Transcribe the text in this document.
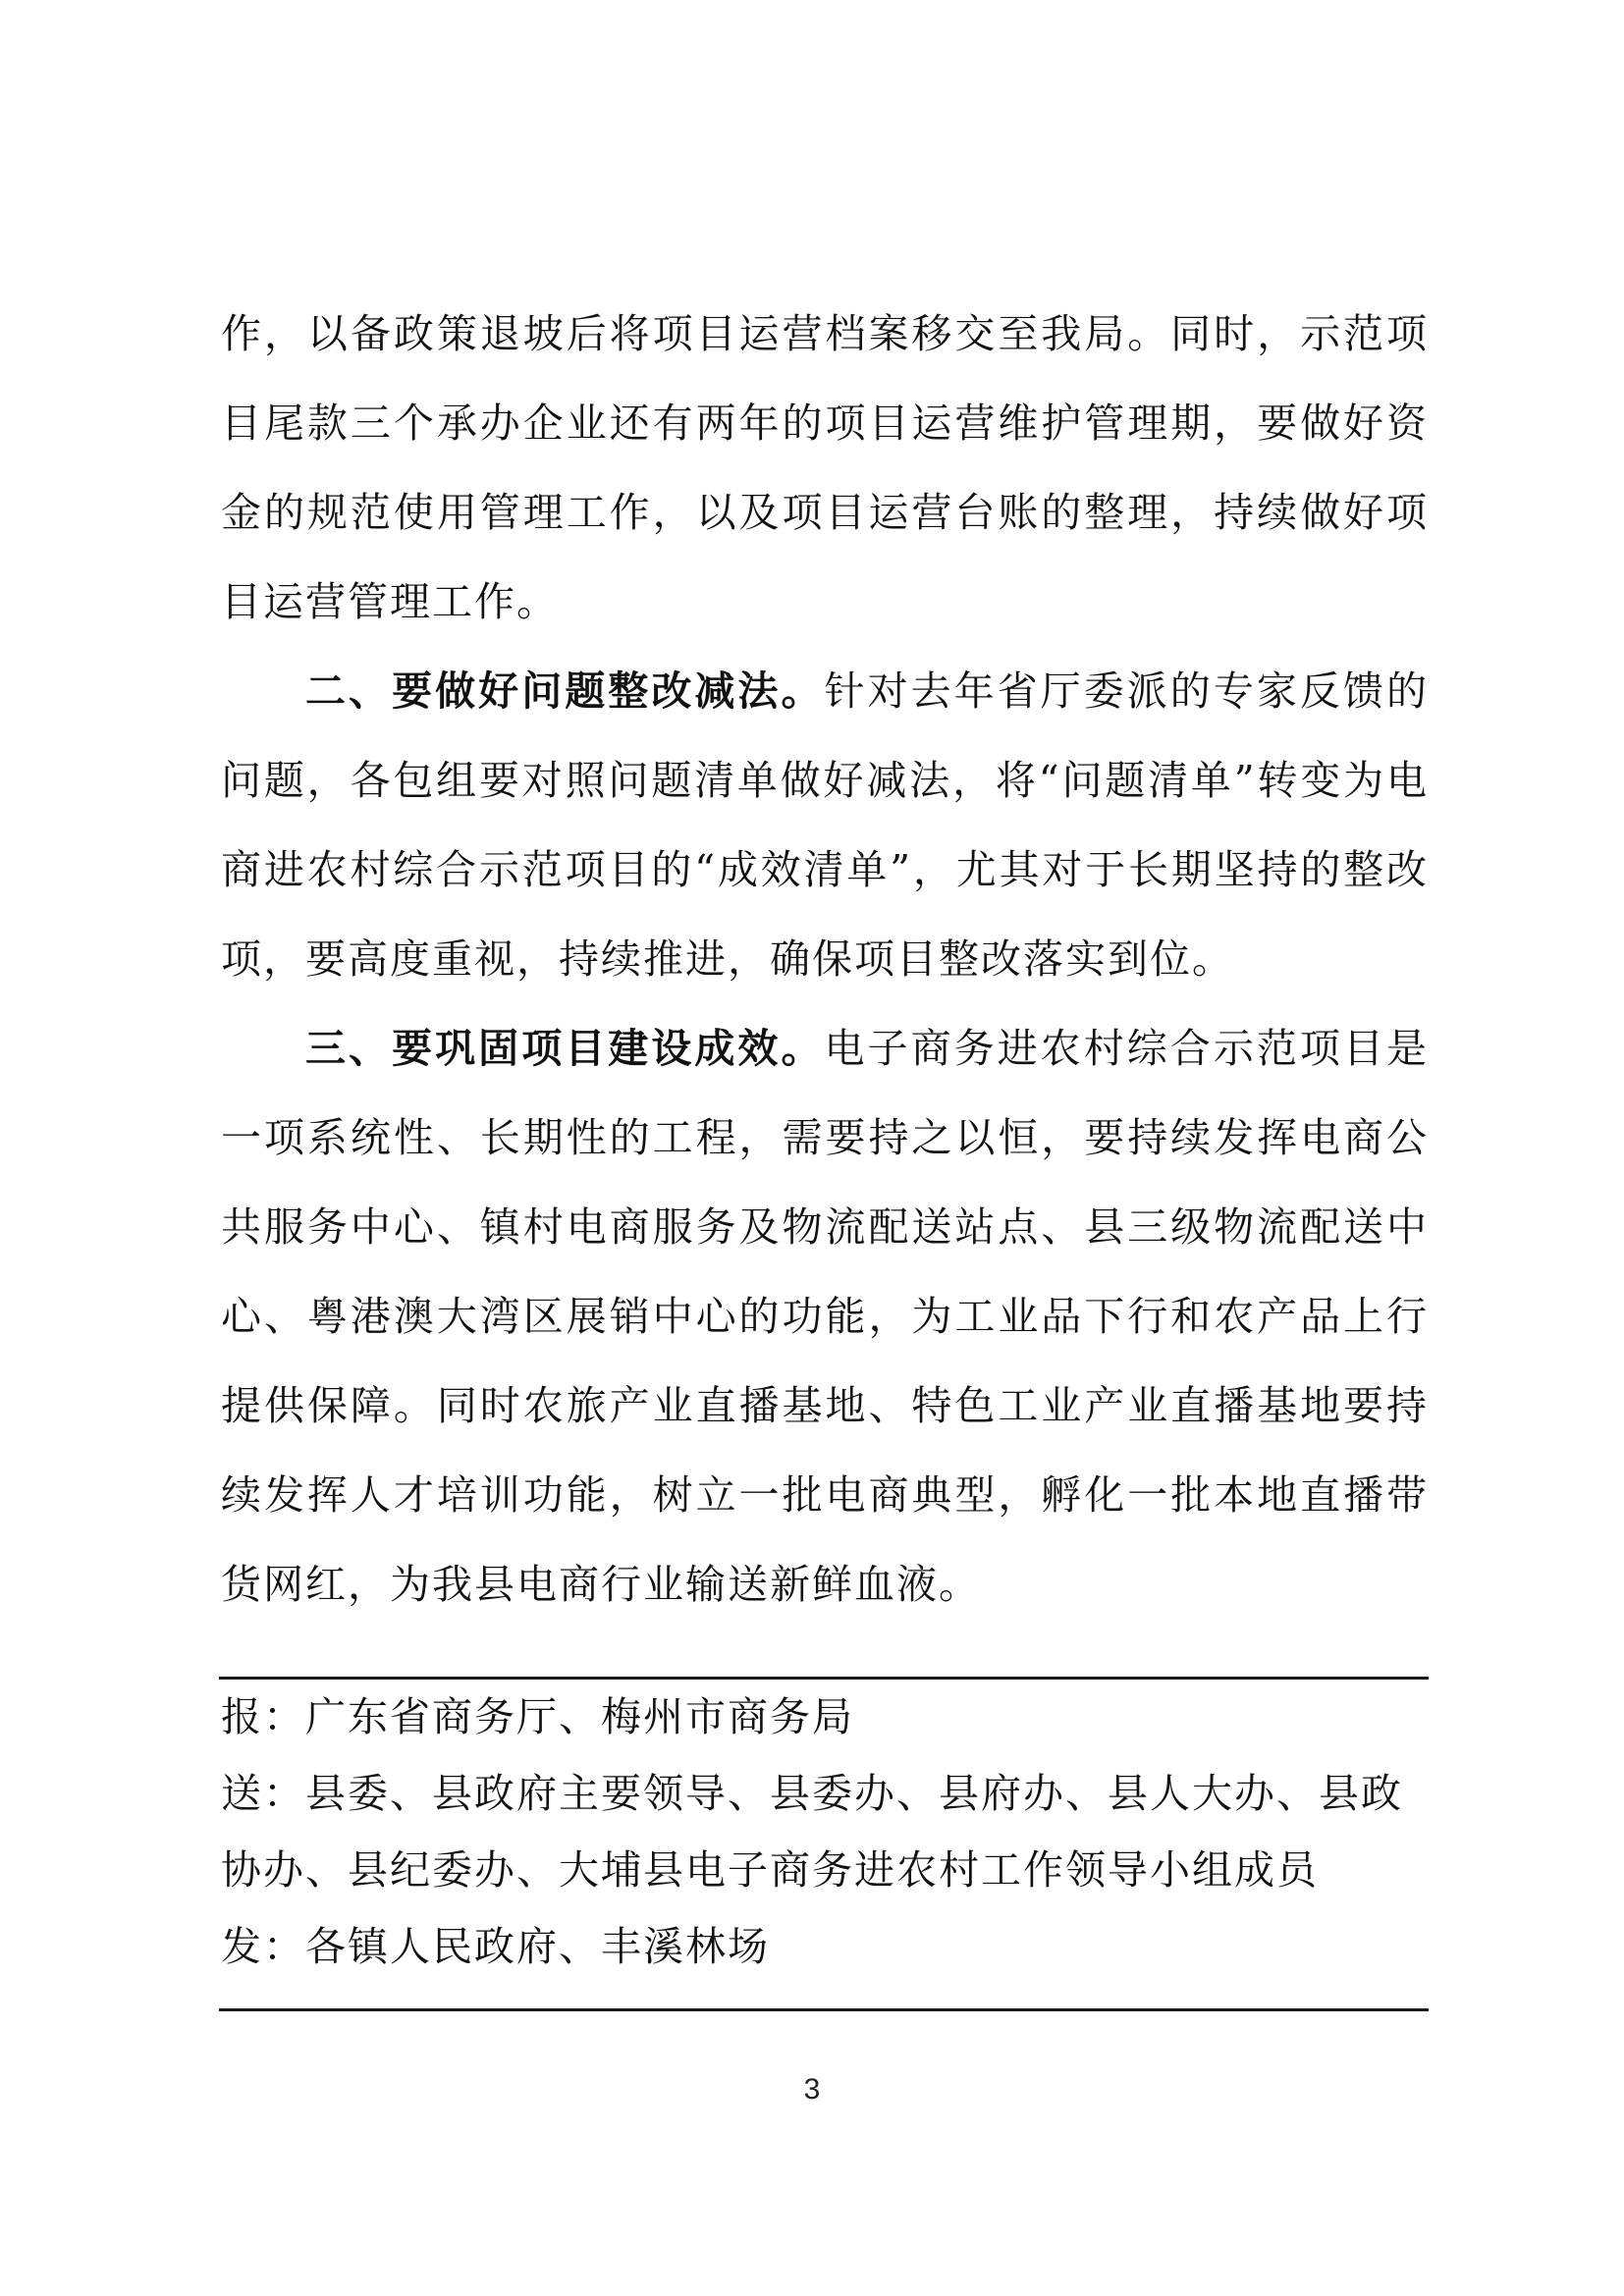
作，以备政策退坡后将项目运营档案移交至我局。同时，示范项目尾款三个承办企业还有两年的项目运营维护管理期，要做好资金的规范使用管理工作，以及项目运营台账的整理，持续做好项目运营管理工作。

二、要做好问题整改减法。针对去年省厅委派的专家反馈的问题，各包组要对照问题清单做好减法，将“问题清单”转变为电商进农村综合示范项目的“成效清单”，尤其对于长期坚持的整改项，要高度重视，持续推进，确保项目整改落实到位。

三、要巩固项目建设成效。电子商务进农村综合示范项目是一项系统性、长期性的工程，需要持之以恒，要持续发挥电商公共服务中心、镇村电商服务及物流配送站点、县三级物流配送中心、粤港澳大湾区展销中心的功能，为工业品下行和农产品上行提供保障。同时农旅产业直播基地、特色工业产业直播基地要持续发挥人才培训功能，树立一批电商典型，孵化一批本地直播带货网红，为我县电商行业输送新鲜血液。

报：广东省商务厅、梅州市商务局

送：县委、县政府主要领导、县委办、县府办、县人大办、县政

协办、县纪委办、大埔县电子商务进农村工作领导小组成员

发：各镇人民政府、丰溪林场

3
